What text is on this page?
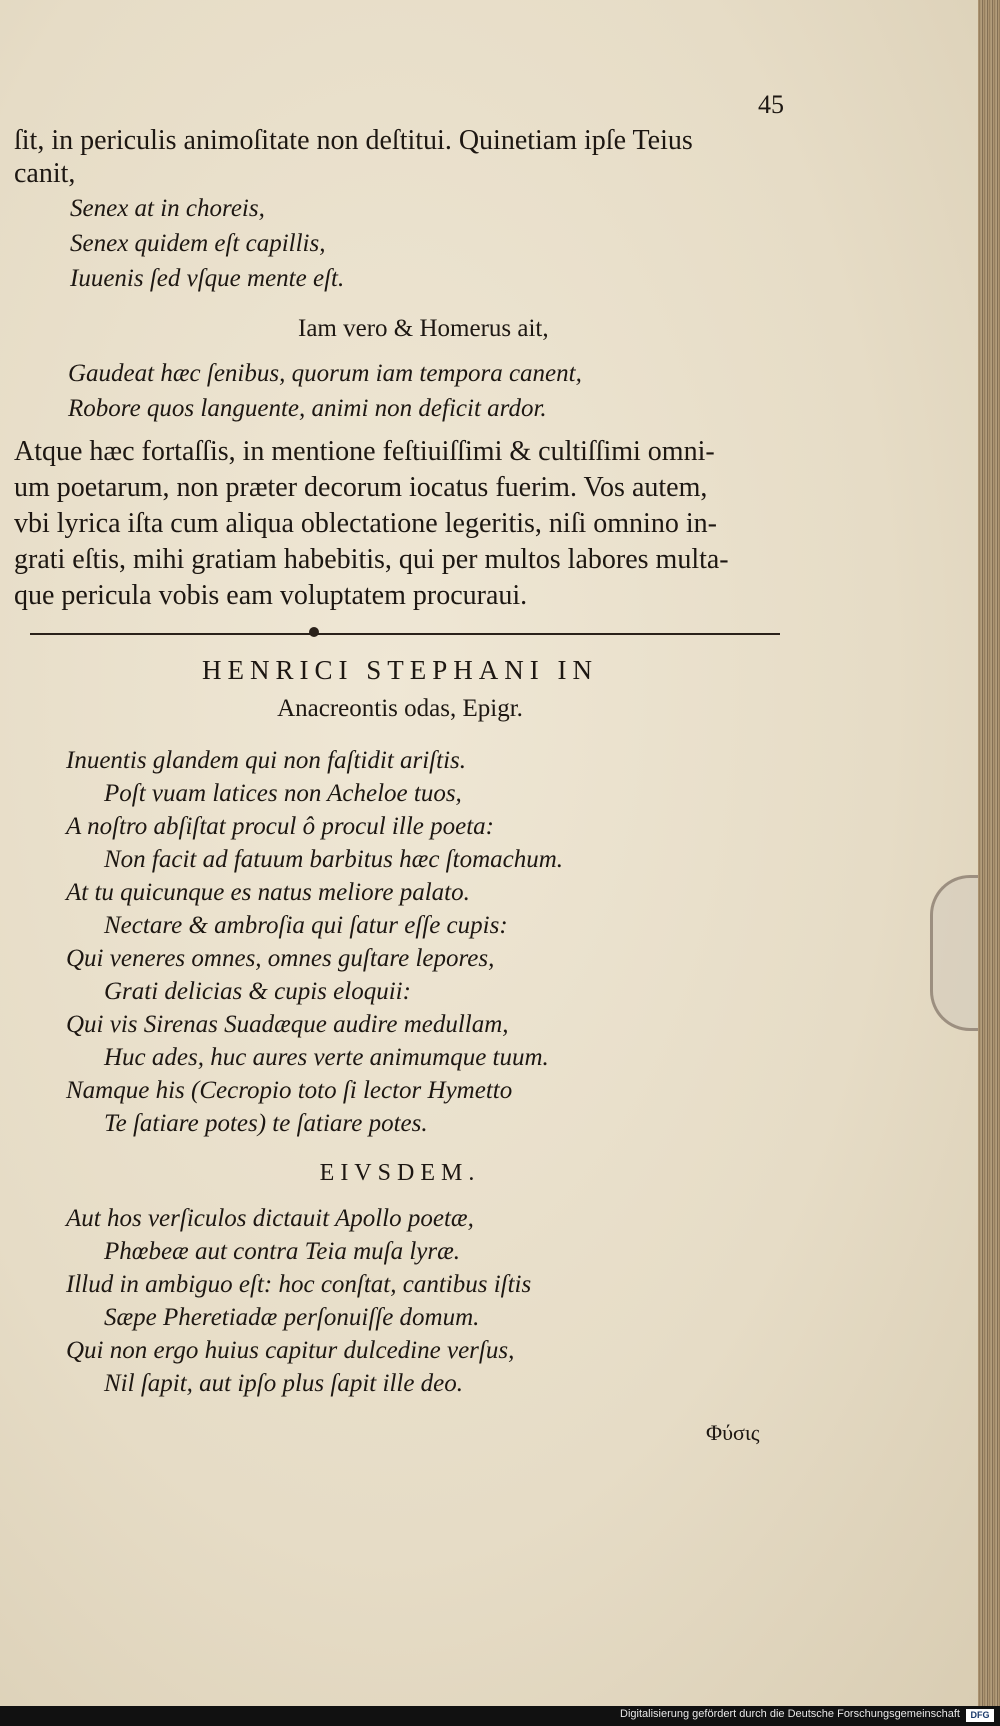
45
ſit, in periculis animoſitate non deſtitui. Quinetiam ipſe Teius
canit,
Senex at in choreis,
Senex quidem eſt capillis,
Iuuenis ſed vſque mente eſt.
Iam vero & Homerus ait,
Gaudeat hæc ſenibus, quorum iam tempora canent,
Robore quos languente, animi non deficit ardor.
Atque hæc fortaſſis, in mentione feſtiuiſſimi & cultiſſimi omni-
um poetarum, non præter decorum iocatus fuerim. Vos autem,
vbi lyrica iſta cum aliqua oblectatione legeritis, niſi omnino in-
grati eſtis, mihi gratiam habebitis, qui per multos labores multa-
que pericula vobis eam voluptatem procuraui.
HENRICI STEPHANI IN
Anacreontis odas, Epigr.
Inuentis glandem qui non faſtidit ariſtis.
Poſt vuam latices non Acheloe tuos,
A noſtro abſiſtat procul ô procul ille poeta:
Non facit ad fatuum barbitus hæc ſtomachum.
At tu quicunque es natus meliore palato.
Nectare & ambroſia qui ſatur eſſe cupis:
Qui veneres omnes, omnes guſtare lepores,
Grati delicias & cupis eloquii:
Qui vis Sirenas Suadæque audire medullam,
Huc ades, huc aures verte animumque tuum.
Namque his (Cecropio toto ſi lector Hymetto
Te ſatiare potes) te ſatiare potes.
EIVSDEM.
Aut hos verſiculos dictauit Apollo poetæ,
Phœbeæ aut contra Teia muſa lyræ.
Illud in ambiguo eſt: hoc conſtat, cantibus iſtis
Sæpe Pheretiadæ perſonuiſſe domum.
Qui non ergo huius capitur dulcedine verſus,
Nil ſapit, aut ipſo plus ſapit ille deo.
Φύσις
Digitalisierung gefördert durch die Deutsche Forschungsgemeinschaft	DFG
